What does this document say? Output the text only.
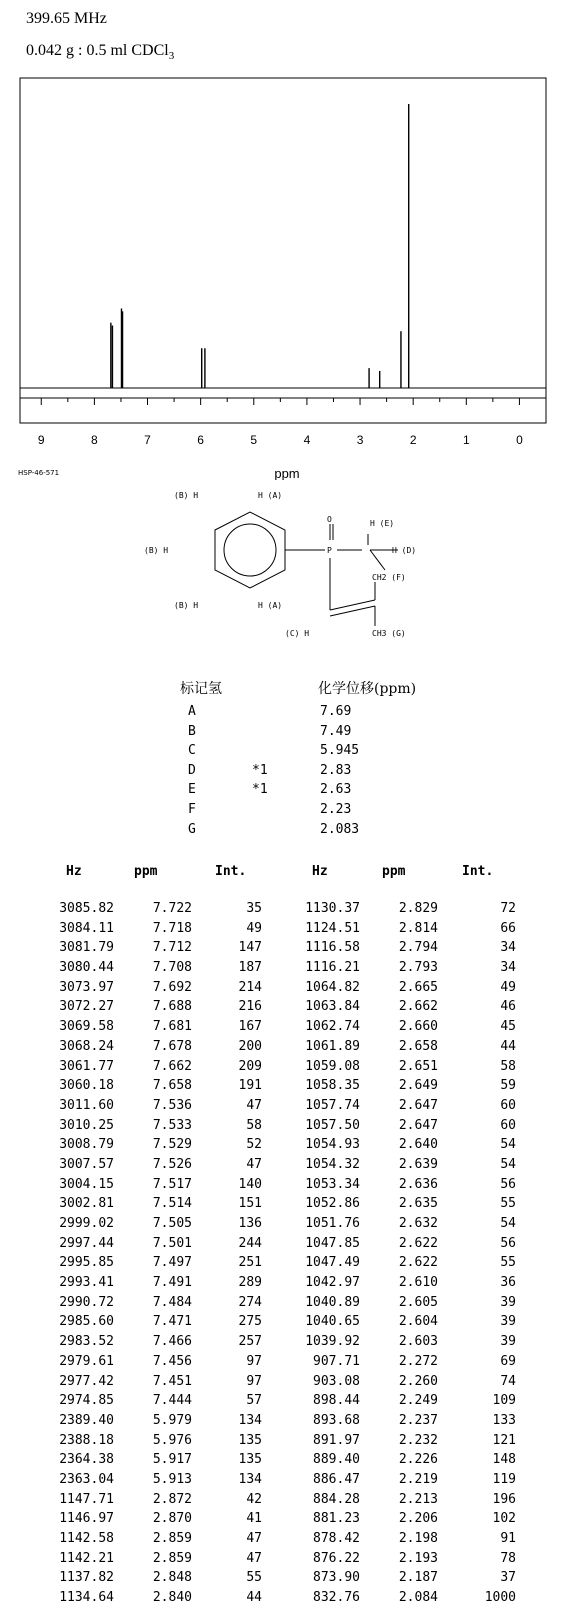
399.65 MHz
0.042 g : 0.5 ml CDCl$_3$
9	8	7	6	5	4	3	2	1	0
ppm
HSP-46-571
(B) H	H (A)
(B) H
(B) H	H (A)
O
P
H (E)
H (D)
CH2 (F)
(C) H	CH3 (G)
标记氢	化学位移(ppm)
A	7.69
B	7.49
C	5.945
D	*1	2.83
E	*1	2.63
F	2.23
G	2.083
Hz	ppm	Int.	Hz	ppm	Int.
3085.82	7.722	35	1130.37	2.829	72
3084.11	7.718	49	1124.51	2.814	66
3081.79	7.712	147	1116.58	2.794	34
3080.44	7.708	187	1116.21	2.793	34
3073.97	7.692	214	1064.82	2.665	49
3072.27	7.688	216	1063.84	2.662	46
3069.58	7.681	167	1062.74	2.660	45
3068.24	7.678	200	1061.89	2.658	44
3061.77	7.662	209	1059.08	2.651	58
3060.18	7.658	191	1058.35	2.649	59
3011.60	7.536	47	1057.74	2.647	60
3010.25	7.533	58	1057.50	2.647	60
3008.79	7.529	52	1054.93	2.640	54
3007.57	7.526	47	1054.32	2.639	54
3004.15	7.517	140	1053.34	2.636	56
3002.81	7.514	151	1052.86	2.635	55
2999.02	7.505	136	1051.76	2.632	54
2997.44	7.501	244	1047.85	2.622	56
2995.85	7.497	251	1047.49	2.622	55
2993.41	7.491	289	1042.97	2.610	36
2990.72	7.484	274	1040.89	2.605	39
2985.60	7.471	275	1040.65	2.604	39
2983.52	7.466	257	1039.92	2.603	39
2979.61	7.456	97	907.71	2.272	69
2977.42	7.451	97	903.08	2.260	74
2974.85	7.444	57	898.44	2.249	109
2389.40	5.979	134	893.68	2.237	133
2388.18	5.976	135	891.97	2.232	121
2364.38	5.917	135	889.40	2.226	148
2363.04	5.913	134	886.47	2.219	119
1147.71	2.872	42	884.28	2.213	196
1146.97	2.870	41	881.23	2.206	102
1142.58	2.859	47	878.42	2.198	91
1142.21	2.859	47	876.22	2.193	78
1137.82	2.848	55	873.90	2.187	37
1134.64	2.840	44	832.76	2.084	1000
